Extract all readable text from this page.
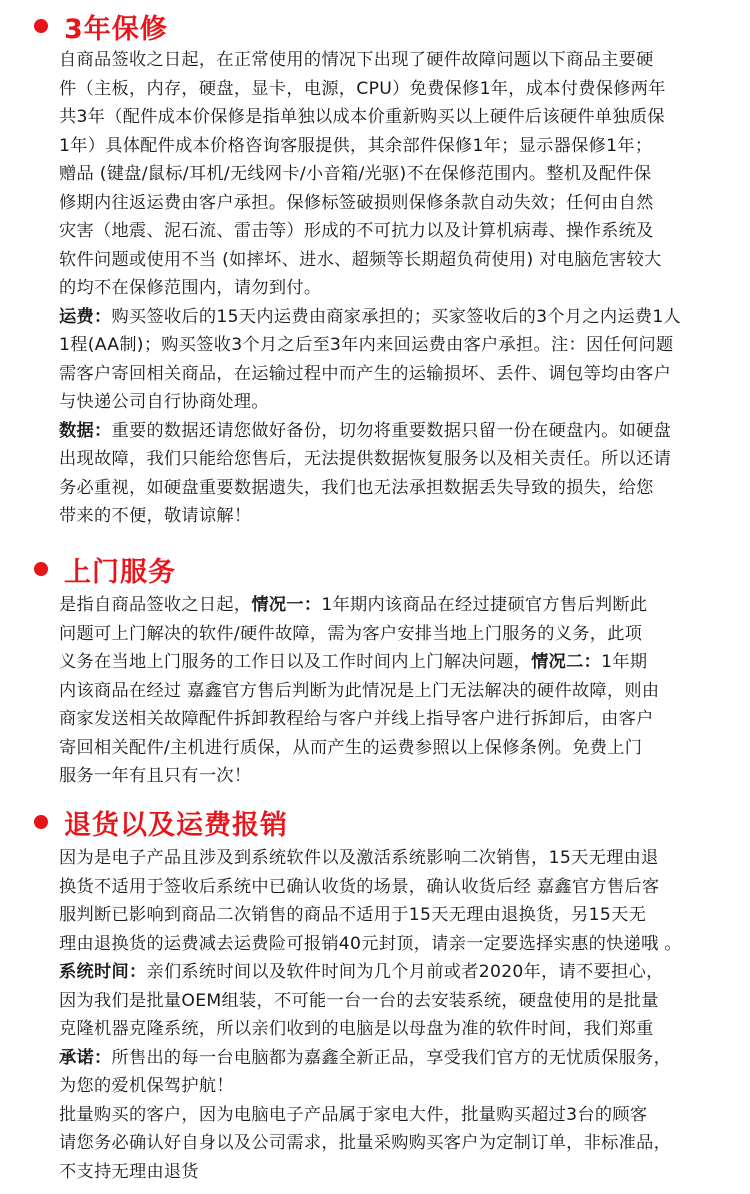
3年保修

自商品签收之日起，在正常使用的情况下出现了硬件故障问题以下商品主要硬

件（主板，内存，硬盘，显卡，电源，CPU）免费保修1年，成本付费保修两年

共3年（配件成本价保修是指单独以成本价重新购买以上硬件后该硬件单独质保

1年）具体配件成本价格咨询客服提供，其余部件保修1年；显示器保修1年；

赠品 (键盘/鼠标/耳机/无线网卡/小音箱/光驱)不在保修范围内。整机及配件保

修期内往返运费由客户承担。保修标签破损则保修条款自动失效；任何由自然

灾害（地震、泥石流、雷击等）形成的不可抗力以及计算机病毒、操作系统及

软件问题或使用不当 (如摔坏、进水、超频等长期超负荷使用) 对电脑危害较大

的均不在保修范围内，请勿到付。

运费：购买签收后的15天内运费由商家承担的；买家签收后的3个月之内运费1人

1程(AA制)；购买签收3个月之后至3年内来回运费由客户承担。注：因任何问题

需客户寄回相关商品，在运输过程中而产生的运输损坏、丢件、调包等均由客户

与快递公司自行协商处理。

数据：重要的数据还请您做好备份，切勿将重要数据只留一份在硬盘内。如硬盘

出现故障，我们只能给您售后，无法提供数据恢复服务以及相关责任。所以还请

务必重视，如硬盘重要数据遗失，我们也无法承担数据丢失导致的损失，给您

带来的不便，敬请谅解！

上门服务

是指自商品签收之日起，情况一：1年期内该商品在经过捷硕官方售后判断此

问题可上门解决的软件/硬件故障，需为客户安排当地上门服务的义务，此项

义务在当地上门服务的工作日以及工作时间内上门解决问题，情况二：1年期

内该商品在经过 嘉鑫官方售后判断为此情况是上门无法解决的硬件故障，则由

商家发送相关故障配件拆卸教程给与客户并线上指导客户进行拆卸后，由客户

寄回相关配件/主机进行质保，从而产生的运费参照以上保修条例。免费上门

服务一年有且只有一次！

退货以及运费报销

因为是电子产品且涉及到系统软件以及激活系统影响二次销售，15天无理由退

换货不适用于签收后系统中已确认收货的场景，确认收货后经 嘉鑫官方售后客

服判断已影响到商品二次销售的商品不适用于15天无理由退换货，另15天无

理由退换货的运费减去运费险可报销40元封顶，请亲一定要选择实惠的快递哦 。

系统时间：亲们系统时间以及软件时间为几个月前或者2020年，请不要担心，

因为我们是批量OEM组装，不可能一台一台的去安装系统，硬盘使用的是批量

克隆机器克隆系统，所以亲们收到的电脑是以母盘为准的软件时间，我们郑重

承诺：所售出的每一台电脑都为嘉鑫全新正品，享受我们官方的无忧质保服务，

为您的爱机保驾护航！

批量购买的客户，因为电脑电子产品属于家电大件，批量购买超过3台的顾客

请您务必确认好自身以及公司需求，批量采购购买客户为定制订单，非标准品，

不支持无理由退货
